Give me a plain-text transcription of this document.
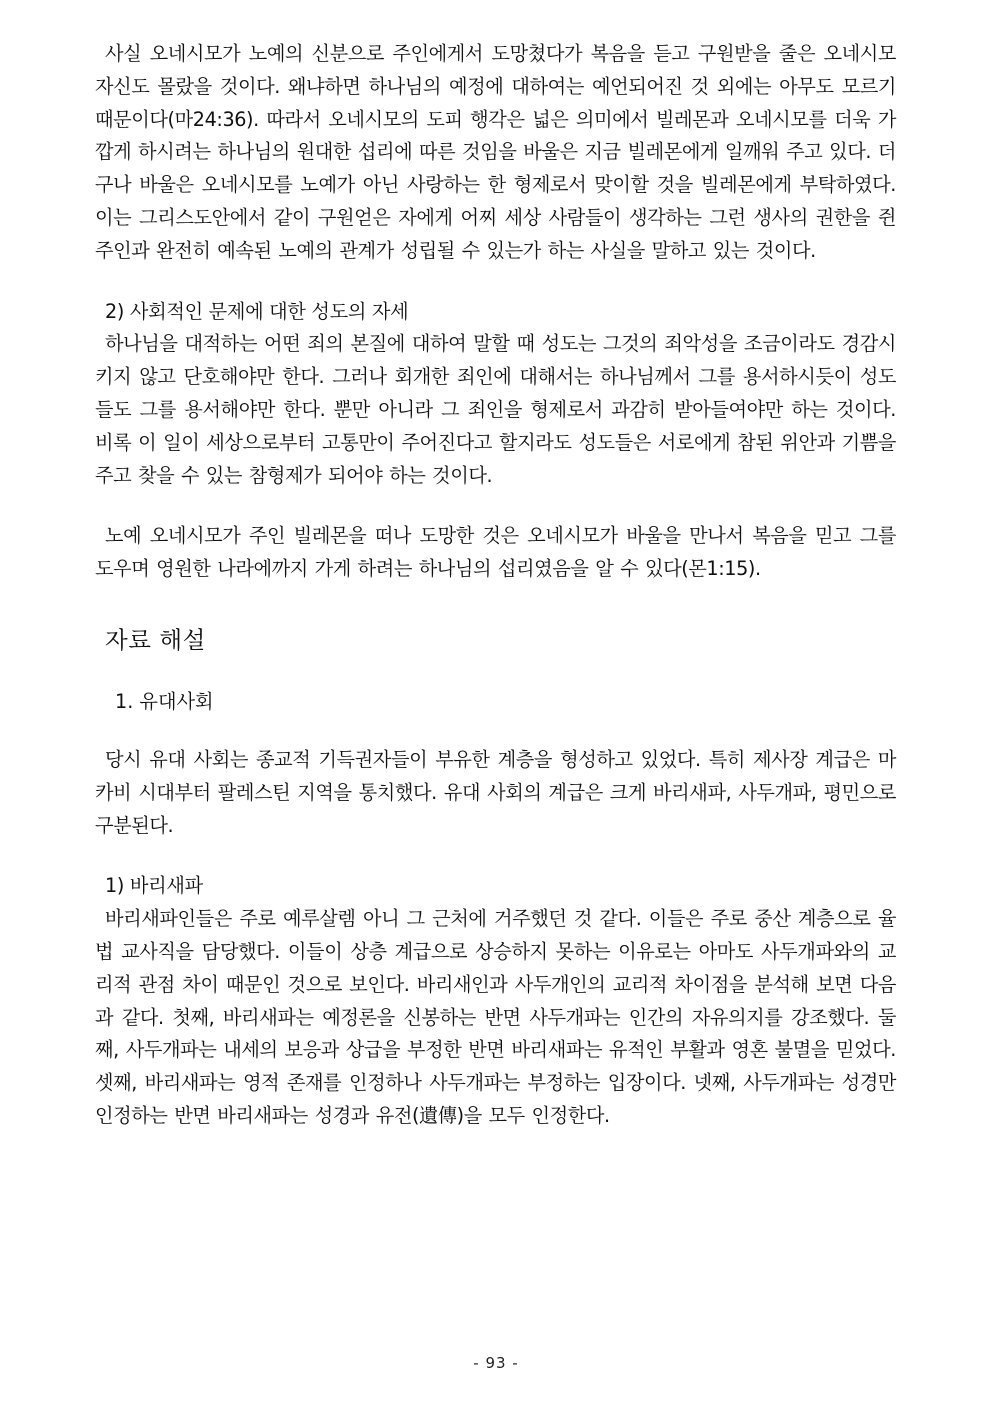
사실 오네시모가 노예의 신분으로 주인에게서 도망쳤다가 복음을 듣고 구원받을 줄은 오네시모 자신도 몰랐을 것이다. 왜냐하면 하나님의 예정에 대하여는 예언되어진 것 외에는 아무도 모르기 때문이다(마24:36). 따라서 오네시모의 도피 행각은 넓은 의미에서 빌레몬과 오네시모를 더욱 가깝게 하시려는 하나님의 원대한 섭리에 따른 것임을 바울은 지금 빌레몬에게 일깨워 주고 있다. 더구나 바울은 오네시모를 노예가 아닌 사랑하는 한 형제로서 맞이할 것을 빌레몬에게 부탁하였다. 이는 그리스도안에서 같이 구원얻은 자에게 어찌 세상 사람들이 생각하는 그런 생사의 권한을 쥔 주인과 완전히 예속된 노예의 관계가 성립될 수 있는가 하는 사실을 말하고 있는 것이다.

2) 사회적인 문제에 대한 성도의 자세

하나님을 대적하는 어떤 죄의 본질에 대하여 말할 때 성도는 그것의 죄악성을 조금이라도 경감시키지 않고 단호해야만 한다. 그러나 회개한 죄인에 대해서는 하나님께서 그를 용서하시듯이 성도들도 그를 용서해야만 한다. 뿐만 아니라 그 죄인을 형제로서 과감히 받아들여야만 하는 것이다. 비록 이 일이 세상으로부터 고통만이 주어진다고 할지라도 성도들은 서로에게 참된 위안과 기쁨을 주고 찾을 수 있는 참형제가 되어야 하는 것이다.

노예 오네시모가 주인 빌레몬을 떠나 도망한 것은 오네시모가 바울을 만나서 복음을 믿고 그를 도우며 영원한 나라에까지 가게 하려는 하나님의 섭리였음을 알 수 있다(몬1:15).

자료 해설

1. 유대사회

당시 유대 사회는 종교적 기득권자들이 부유한 계층을 형성하고 있었다. 특히 제사장 계급은 마카비 시대부터 팔레스틴 지역을 통치했다. 유대 사회의 계급은 크게 바리새파, 사두개파, 평민으로 구분된다.

1) 바리새파

바리새파인들은 주로 예루살렘 아니 그 근처에 거주했던 것 같다. 이들은 주로 중산 계층으로 율법 교사직을 담당했다. 이들이 상층 계급으로 상승하지 못하는 이유로는 아마도 사두개파와의 교리적 관점 차이 때문인 것으로 보인다. 바리새인과 사두개인의 교리적 차이점을 분석해 보면 다음과 같다. 첫째, 바리새파는 예정론을 신봉하는 반면 사두개파는 인간의 자유의지를 강조했다. 둘째, 사두개파는 내세의 보응과 상급을 부정한 반면 바리새파는 유적인 부활과 영혼 불멸을 믿었다. 셋째, 바리새파는 영적 존재를 인정하나 사두개파는 부정하는 입장이다. 넷째, 사두개파는 성경만 인정하는 반면 바리새파는 성경과 유전(遺傳)을 모두 인정한다.

- 93 -
